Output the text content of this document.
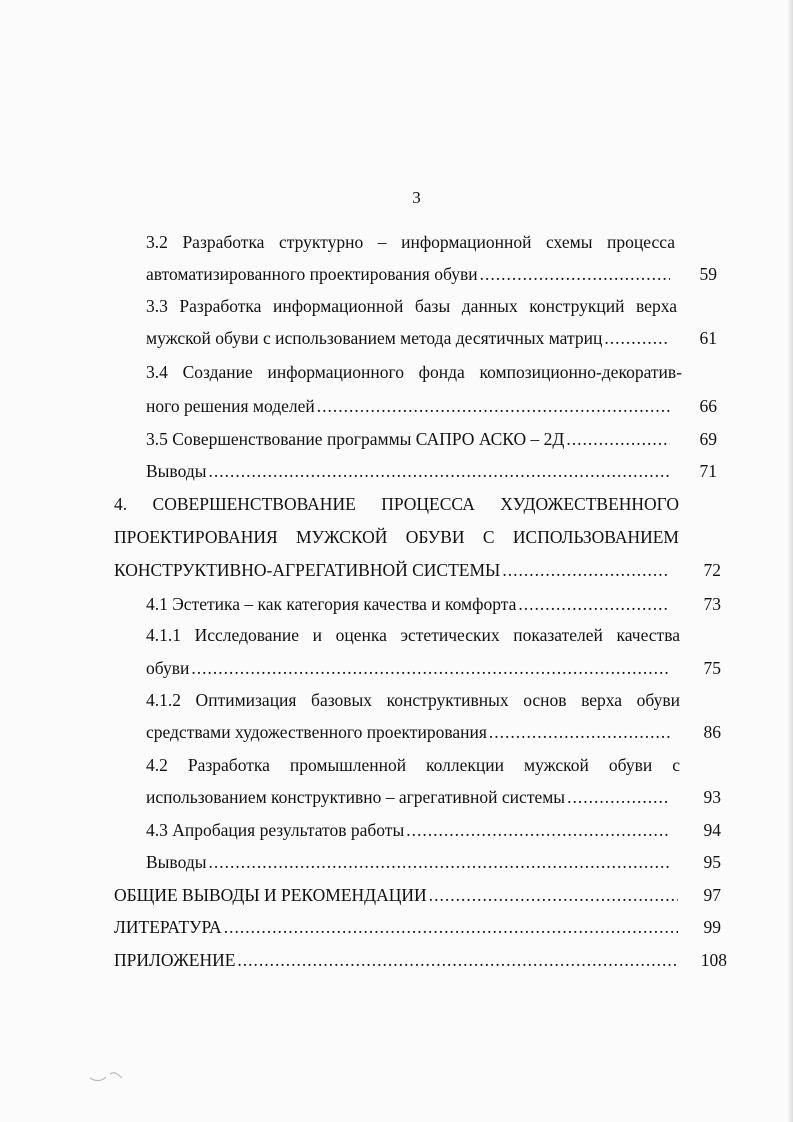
3
3.2 Разработка структурно – информационной схемы процесса
автоматизированного проектирования обуви .....	59
3.3 Разработка информационной базы данных конструкций верха
мужской обуви с использованием метода десятичных матриц .....	61
3.4 Создание информационного фонда композиционно-декоратив-
ного решения моделей .....	66
3.5 Совершенствование программы САПРО АСКО – 2Д .....	69
Выводы .....	71
4. СОВЕРШЕНСТВОВАНИЕ ПРОЦЕССА ХУДОЖЕСТВЕННОГО
ПРОЕКТИРОВАНИЯ МУЖСКОЙ ОБУВИ С ИСПОЛЬЗОВАНИЕМ
КОНСТРУКТИВНО-АГРЕГАТИВНОЙ СИСТЕМЫ .....	72
4.1 Эстетика – как категория качества и комфорта .....	73
4.1.1 Исследование и оценка эстетических показателей качества
обуви .....	75
4.1.2 Оптимизация базовых конструктивных основ верха обуви
средствами художественного проектирования .....	86
4.2 Разработка промышленной коллекции мужской обуви с
использованием конструктивно – агрегативной системы .....	93
4.3 Апробация результатов работы .....	94
Выводы .....	95
ОБЩИЕ ВЫВОДЫ И РЕКОМЕНДАЦИИ .....	97
ЛИТЕРАТУРА .....	99
ПРИЛОЖЕНИЕ .....	108
